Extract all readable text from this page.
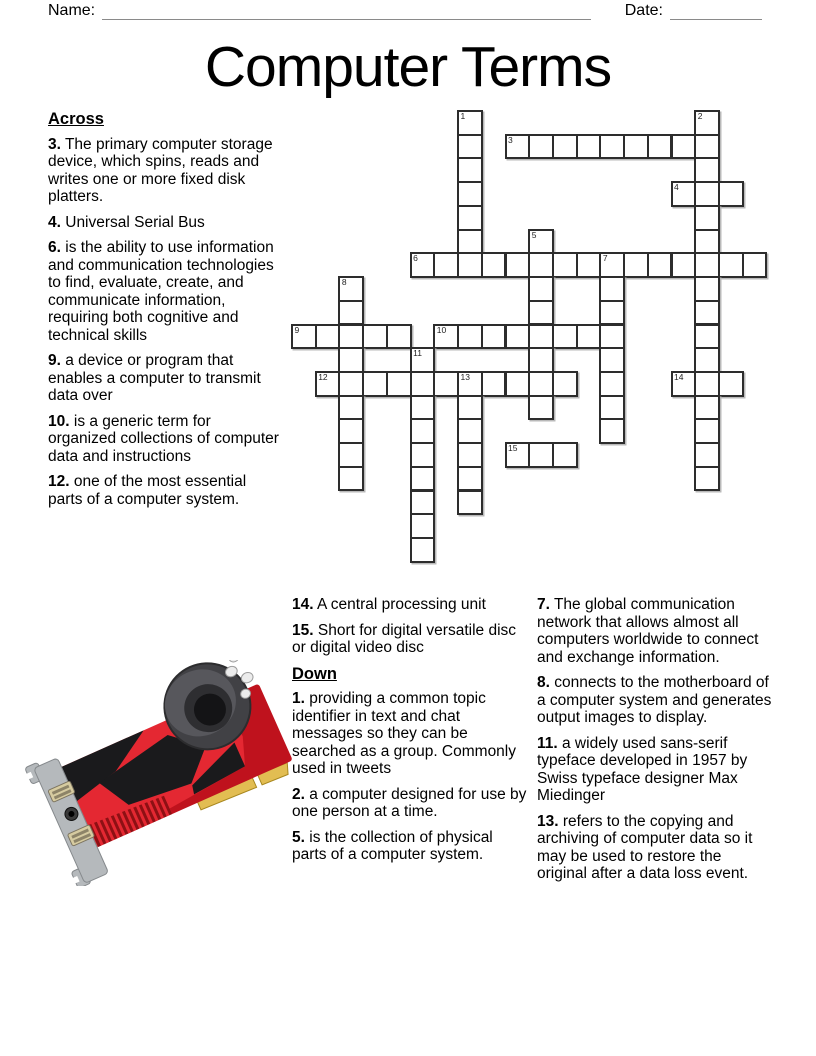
Name:	Date:
Computer Terms
1	2
3
4
5
6	7
8
9	10
11
12	13	14
15
Across
3. The primary computer storage device, which spins, reads and writes one or more fixed disk platters.
4. Universal Serial Bus
6. is the ability to use information and communication technologies to find, evaluate, create, and communicate information, requiring both cognitive and technical skills
9. a device or program that enables a computer to transmit data over
10. is a generic term for organized collections of computer data and instructions
12. one of the most essential parts of a computer system.
14. A central processing unit
15. Short for digital versatile disc or digital video disc
Down
1. providing a common topic identifier in text and chat messages so they can be searched as a group. Commonly used in tweets
2. a computer designed for use by one person at a time.
5. is the collection of physical parts of a computer system.
7. The global communication network that allows almost all computers worldwide to connect and exchange information.
8. connects to the motherboard of a computer system and generates output images to display.
11. a widely used sans-serif typeface developed in 1957 by Swiss typeface designer Max Miedinger
13. refers to the copying and archiving of computer data so it may be used to restore the original after a data loss event.
